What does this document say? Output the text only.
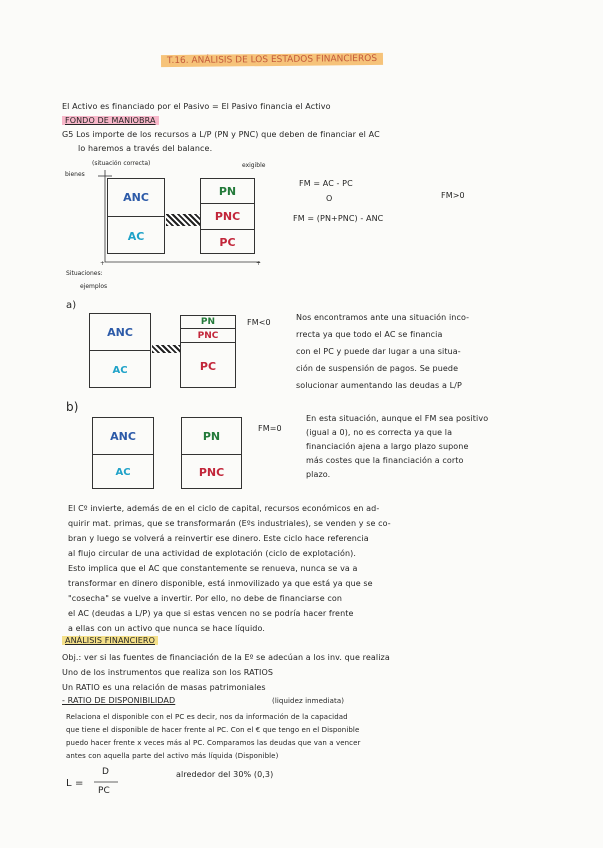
T.16. ANÁLISIS DE LOS ESTADOS FINANCIEROS
El Activo es financiado por el Pasivo = El Pasivo financia el Activo
FONDO DE MANIOBRA
G5 Los importe de los recursos a L/P (PN y PNC) que deben de financiar el AC
lo haremos a través del balance.
(situación correcta)
bienes
exigible
+	+
ANC
AC
PN
PNC
PC
FM = AC - PC
O
FM = (PN+PNC) - ANC
FM>0
Situaciones:
ejemplos
a)
ANC
AC
PN
PNC
PC
FM<0
Nos encontramos ante una situación inco-
rrecta ya que todo el AC se financia
con el PC y puede dar lugar a una situa-
ción de suspensión de pagos. Se puede
solucionar aumentando las deudas a L/P
b)
ANC
AC
PN
PNC
FM=0
En esta situación, aunque el FM sea positivo
(igual a 0), no es correcta ya que la
financiación ajena a largo plazo supone
más costes que la financiación a corto
plazo.
El Cº invierte, además de en el ciclo de capital, recursos económicos en ad-
quirir mat. primas, que se transformarán (Eºs industriales), se venden y se co-
bran y luego se volverá a reinvertir ese dinero. Este ciclo hace referencia
al flujo circular de una actividad de explotación (ciclo de explotación).
Esto implica que el AC que constantemente se renueva, nunca se va a
transformar en dinero disponible, está inmovilizado ya que está ya que se
"cosecha" se vuelve a invertir. Por ello, no debe de financiarse con
el AC (deudas a L/P) ya que si estas vencen no se podría hacer frente
a ellas con un activo que nunca se hace líquido.
ANÁLISIS FINANCIERO
Obj.: ver si las fuentes de financiación de la Eº se adecúan a los inv. que realiza
Uno de los instrumentos que realiza son los RATIOS
Un RATIO es una relación de masas patrimoniales
- RATIO DE DISPONIBILIDAD	(liquidez inmediata)
Relaciona el disponible con el PC es decir, nos da información de la capacidad
que tiene el disponible de hacer frente al PC. Con el € que tengo en el Disponible
puedo hacer frente x veces más al PC. Comparamos las deudas que van a vencer
antes con aquella parte del activo más líquida (Disponible)
L =
D
PC
alrededor del 30% (0,3)
